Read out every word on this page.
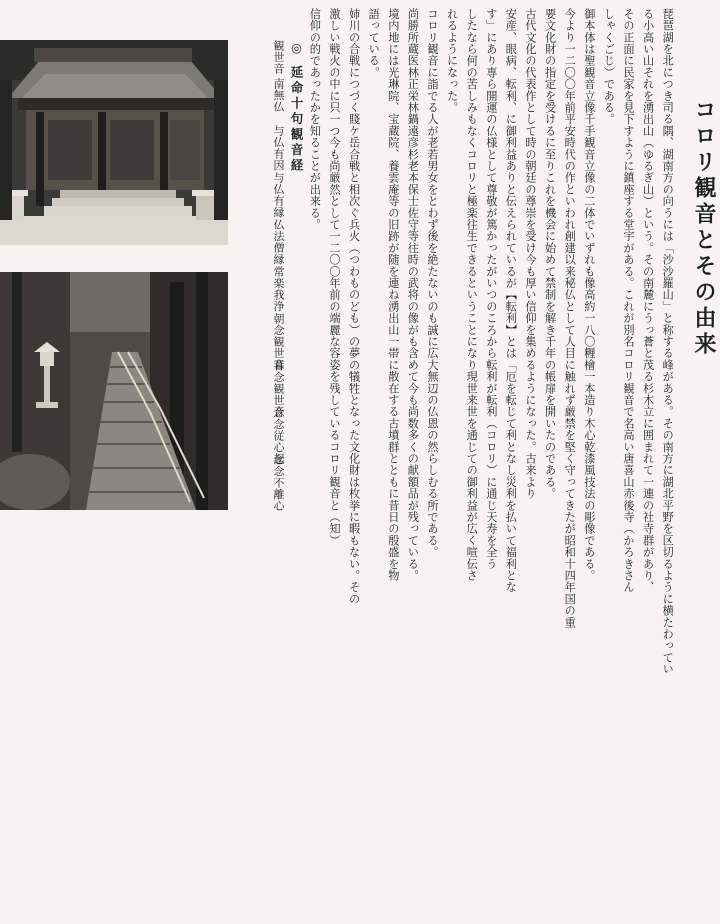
コロリ観音とその由来
琵琶湖を北につき司る隅、湖南方の向うには「沙沙羅山」と称する峰がある。その南方に湖北平野を区切るように横たわってい
る小高い山それを湧出山（ゆるぎ山）という。その南麓にうっ蒼と茂る杉木立に囲まれて一連の社寺群があり、
その正面に民家を見下すように鎮座する堂宇がある。これが別名コロリ観音で名高い唐喜山赤後寺（かろきさん
しゃくごじ）である。
御本体は聖観音立像千手観音立像の二体でいずれも像高約一八〇糎檜一本造り木心乾漆風技法の彫像である。
今より一二〇〇年前平安時代の作といわれ創建以来秘仏として人目に触れず厳禁を堅く守ってきたが昭和十四年国の重
要文化財の指定を受けるに至りこれを機会に始めて禁制を解き千年の帳扉を開いたのである。
古代文化の代表作として時の朝廷の尊崇を受け今も厚い信仰を集めるようになった。古来より
安産、眼病、転利、に御利益ありと伝えられているが【転利】とは「厄を転じて利となし災利を払いて福利とな
す」にあり専ら開運の仏様として尊敬が篤かったがいつのころから転利が転利（コロリ）に通じ天寿を全う
したなら何の苦しみもなくコロリと極楽往生できるということになり現世来世を通じての御利益が広く喧伝さ
れるようになった。
コロリ観音に詣でる人が老若男女をとわず後を絶たないのも誠に広大無辺の仏恩の然らしむる所である。
尚勝所蔵医林正栄林鍋遠彦杉老本保士佐守等往時の武将の像がも含めて今も尚数多くの献額品が残っている。
境内地には光琳院、宝蔵院、養雲庵等の旧跡が随を連ね湧出山一帯に散在する古墳群とともに昔日の殷盛を物
語っている。
姉川の合戦につづく賤ケ岳合戦と相次ぐ兵火（つわものども）の夢の犠牲となった文化財は枚挙に暇もない。その
激しい戦火の中に只一つ今も尚厳然として一二〇〇年前の端麗な容姿を残しているコロリ観音と（知）
信仰の的であったかを知ることが出来る。
◎ 延命十句観音経
観世音
南無仏
与仏有因
与仏有縁
仏法僧縁
常楽我浄
朝念観世音
暮念観世音
念念従心起
念念不離心
